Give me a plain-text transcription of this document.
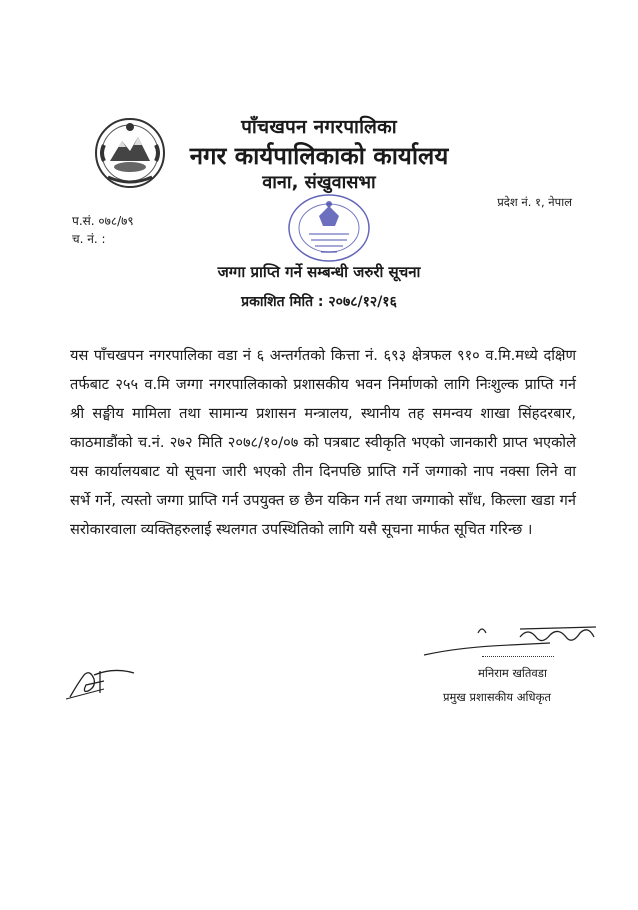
पाँचखपन नगरपालिका
नगर कार्यपालिकाको कार्यालय
वाना, संखुवासभा
प्रदेश नं. १, नेपाल
प.सं. ०७८/७९
च. नं. :
जग्गा प्राप्ति गर्ने सम्बन्धी जरुरी सूचना
प्रकाशित मिति : २०७८/१२/१६
यस पाँचखपन नगरपालिका वडा नं ६ अन्तर्गतको कित्ता नं. ६९३ क्षेत्रफल ९१० व.मि.मध्ये दक्षिण तर्फबाट २५५ व.मि जग्गा नगरपालिकाको प्रशासकीय भवन निर्माणको लागि निःशुल्क प्राप्ति गर्न श्री सङ्घीय मामिला तथा सामान्य प्रशासन मन्त्रालय, स्थानीय तह समन्वय शाखा सिंहदरबार, काठमाडौंको च.नं. २७२ मिति २०७८/१०/०७ को पत्रबाट स्वीकृति भएको जानकारी प्राप्त भएकोले यस कार्यालयबाट यो सूचना जारी भएको तीन दिनपछि प्राप्ति गर्ने जग्गाको नाप नक्सा लिने वा सर्भे गर्ने, त्यस्तो जग्गा प्राप्ति गर्न उपयुक्त छ छैन यकिन गर्न तथा जग्गाको साँध, किल्ला खडा गर्न सरोकारवाला व्यक्तिहरुलाई स्थलगत उपस्थितिको लागि यसै सूचना मार्फत सूचित गरिन्छ ।
मनिराम खतिवडा
प्रमुख प्रशासकीय अधिकृत
